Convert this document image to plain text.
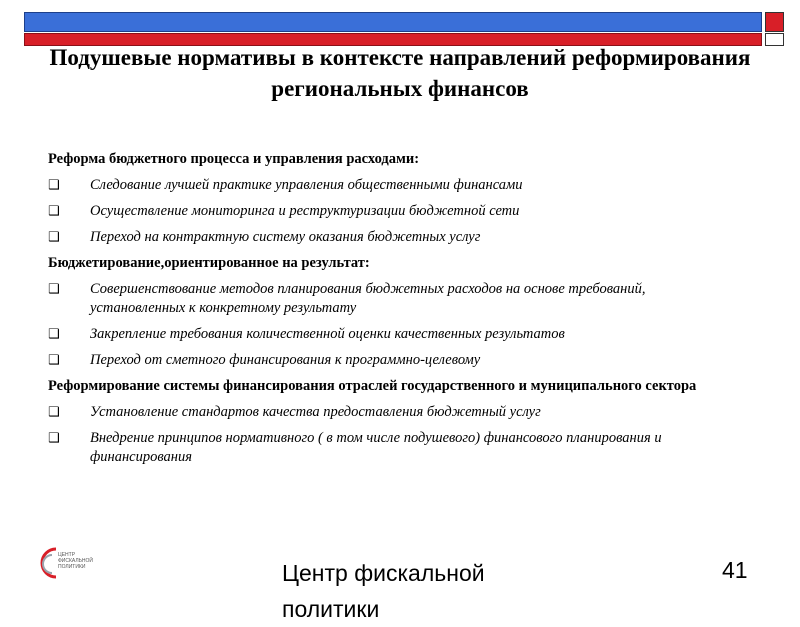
Подушевые нормативы в контексте направлений реформирования региональных финансов

Реформа бюджетного процесса и управления расходами:

❑ Следование лучшей практике управления общественными финансами
❑ Осуществление мониторинга и реструктуризации бюджетной сети
❑ Переход на контрактную систему оказания бюджетных услуг

Бюджетирование,ориентированное на результат:

❑ Совершенствование методов планирования бюджетных расходов на основе требований, установленных к конкретному результату
❑ Закрепление требования количественной оценки качественных результатов
❑ Переход от сметного финансирования к программно-целевому

Реформирование системы финансирования отраслей государственного и муниципального сектора

❑ Установление стандартов качества предоставления бюджетный услуг
❑ Внедрение принципов нормативного ( в том числе подушевого) финансового планирования и финансирования
ЦЕНТР ФИСКАЛЬНОЙ ПОЛИТИКИ	Центр фискальной политики
41
